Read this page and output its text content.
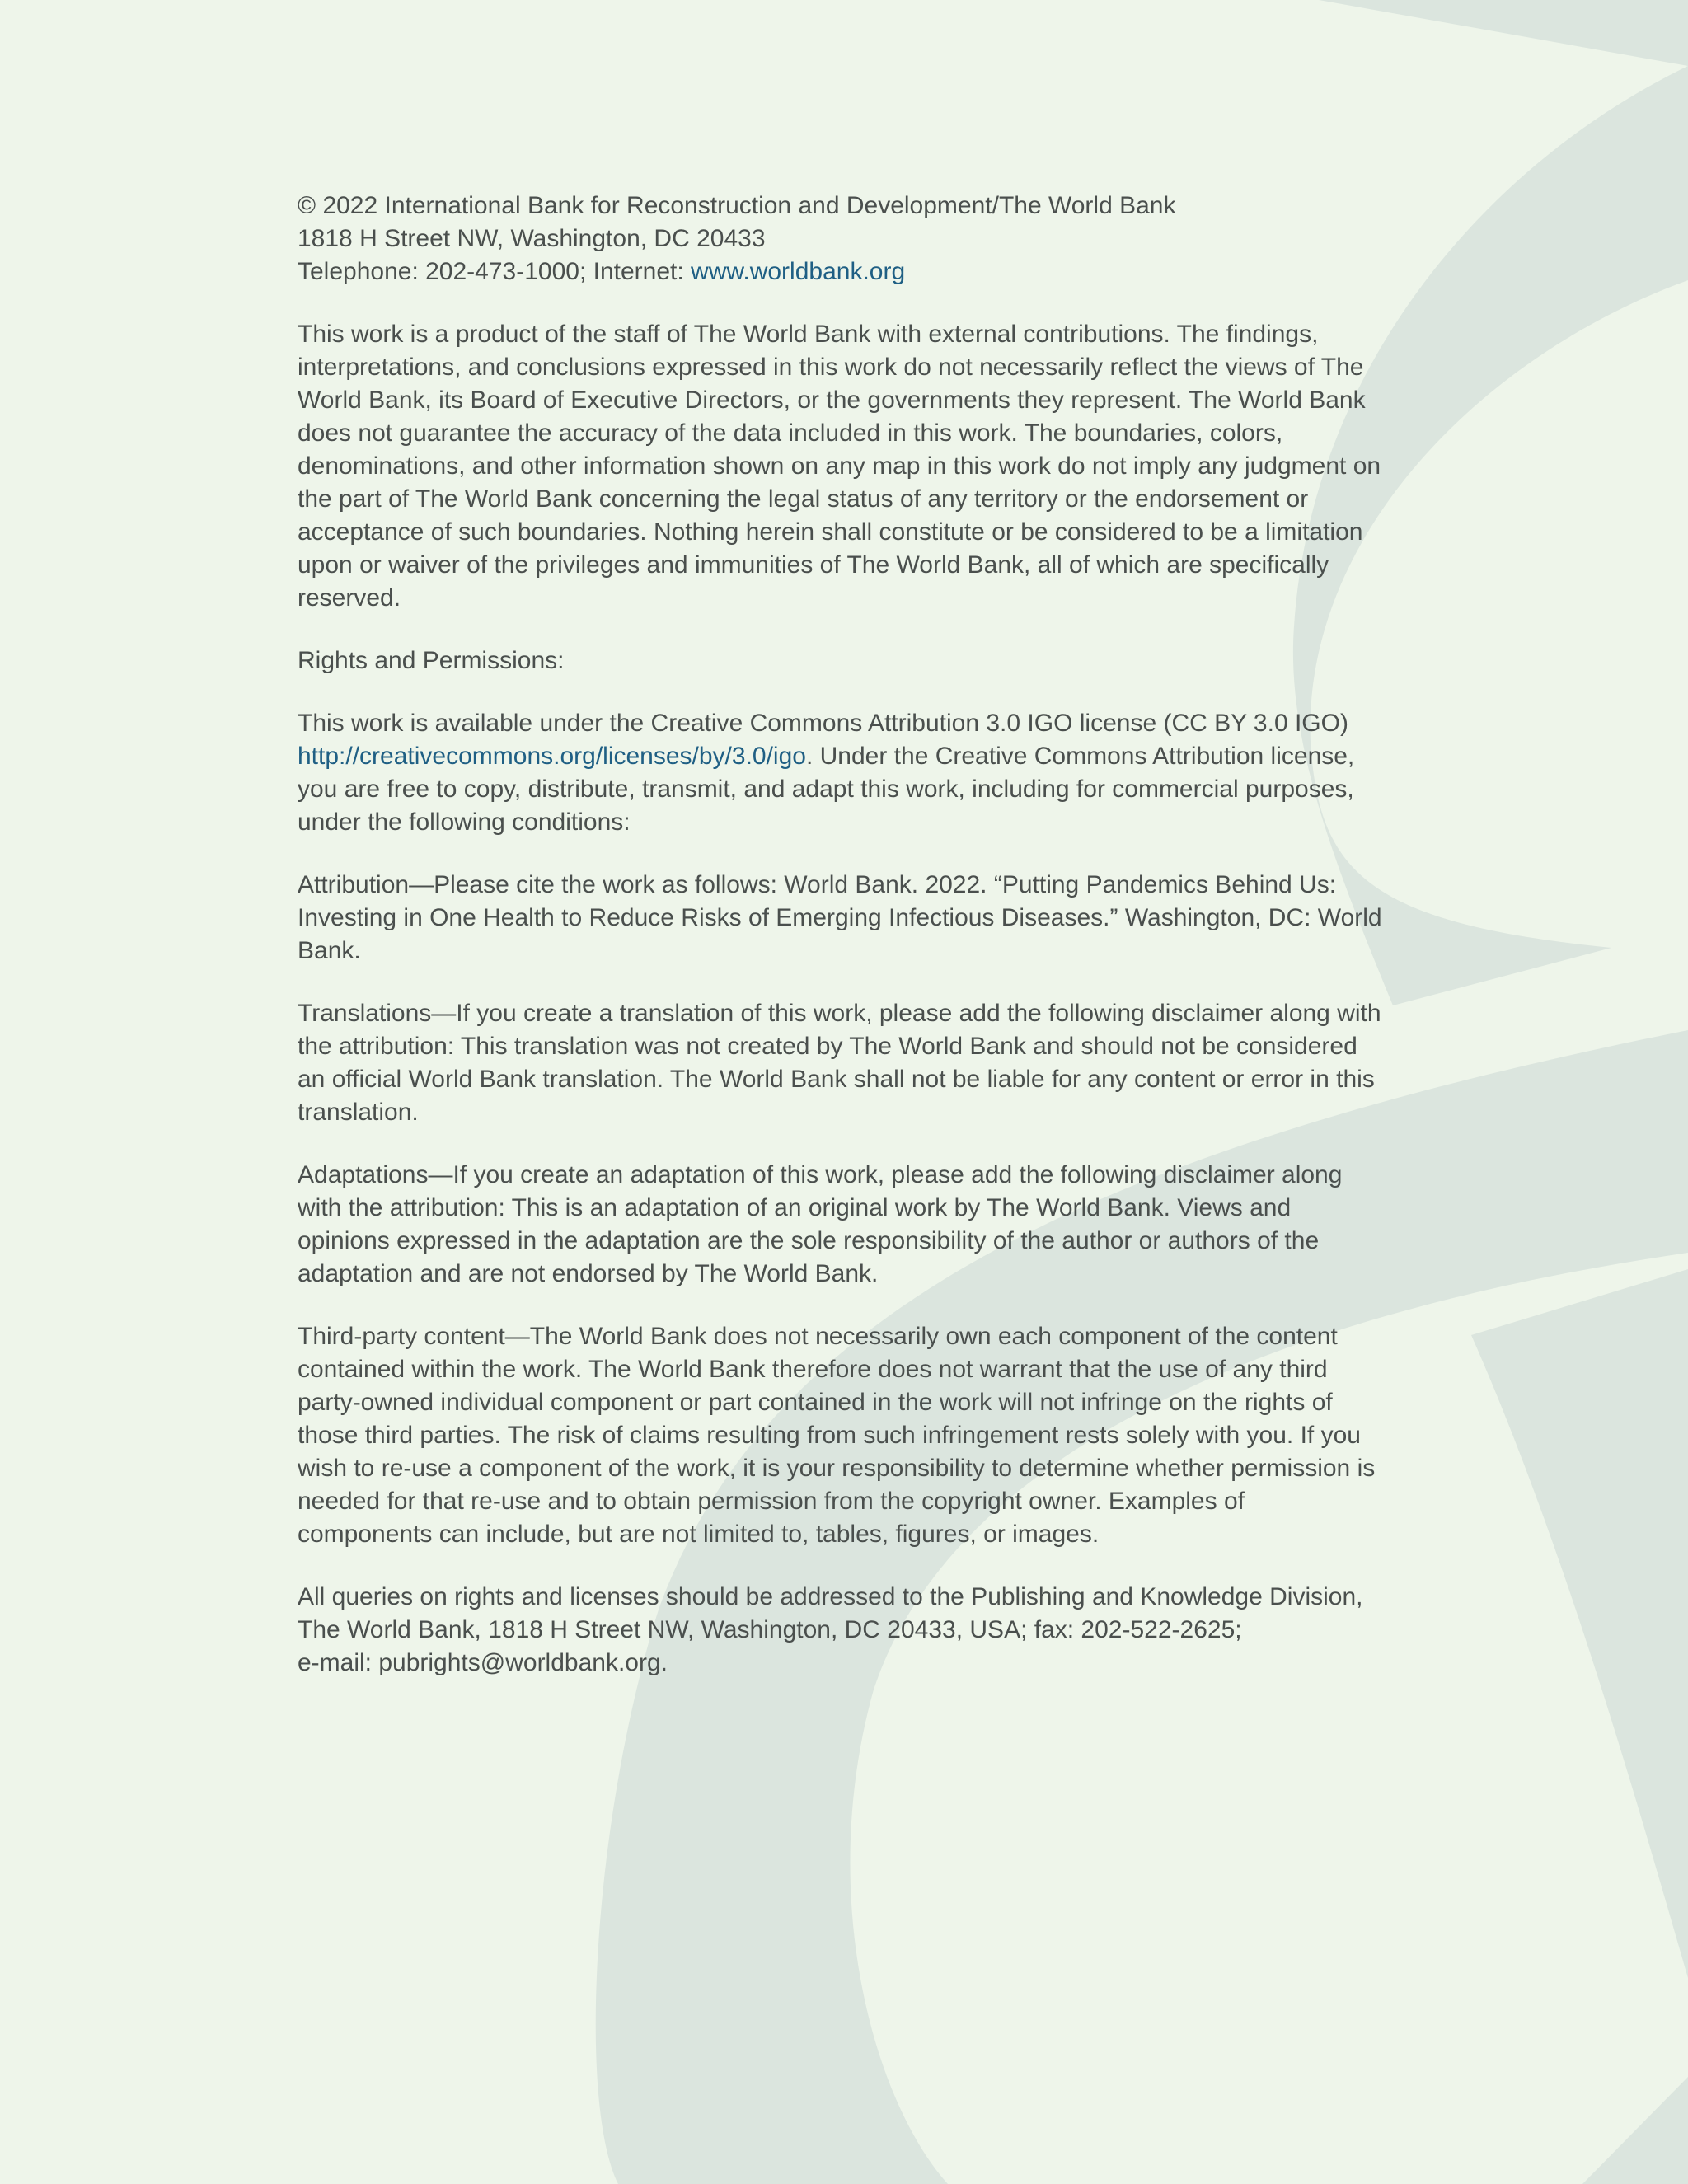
© 2022 International Bank for Reconstruction and Development/The World Bank
1818 H Street NW, Washington, DC 20433
Telephone: 202-473-1000; Internet: www.worldbank.org

This work is a product of the staff of The World Bank with external contributions. The findings, interpretations, and conclusions expressed in this work do not necessarily reflect the views of The World Bank, its Board of Executive Directors, or the governments they represent. The World Bank does not guarantee the accuracy of the data included in this work. The boundaries, colors, denominations, and other information shown on any map in this work do not imply any judgment on the part of The World Bank concerning the legal status of any territory or the endorsement or acceptance of such boundaries. Nothing herein shall constitute or be considered to be a limitation upon or waiver of the privileges and immunities of The World Bank, all of which are specifically reserved.

Rights and Permissions:

This work is available under the Creative Commons Attribution 3.0 IGO license (CC BY 3.0 IGO) http://creativecommons.org/licenses/by/3.0/igo. Under the Creative Commons Attribution license, you are free to copy, distribute, transmit, and adapt this work, including for commercial purposes, under the following conditions:

Attribution—Please cite the work as follows: World Bank. 2022. “Putting Pandemics Behind Us: Investing in One Health to Reduce Risks of Emerging Infectious Diseases.” Washington, DC: World Bank.

Translations—If you create a translation of this work, please add the following disclaimer along with the attribution: This translation was not created by The World Bank and should not be considered an official World Bank translation. The World Bank shall not be liable for any content or error in this translation.

Adaptations—If you create an adaptation of this work, please add the following disclaimer along with the attribution: This is an adaptation of an original work by The World Bank. Views and opinions expressed in the adaptation are the sole responsibility of the author or authors of the adaptation and are not endorsed by The World Bank.

Third-party content—The World Bank does not necessarily own each component of the content contained within the work. The World Bank therefore does not warrant that the use of any third party-owned individual component or part contained in the work will not infringe on the rights of those third parties. The risk of claims resulting from such infringement rests solely with you. If you wish to re-use a component of the work, it is your responsibility to determine whether permission is needed for that re-use and to obtain permission from the copyright owner. Examples of components can include, but are not limited to, tables, figures, or images.

All queries on rights and licenses should be addressed to the Publishing and Knowledge Division, The World Bank, 1818 H Street NW, Washington, DC 20433, USA; fax: 202-522-2625;
e-mail: pubrights@worldbank.org.
